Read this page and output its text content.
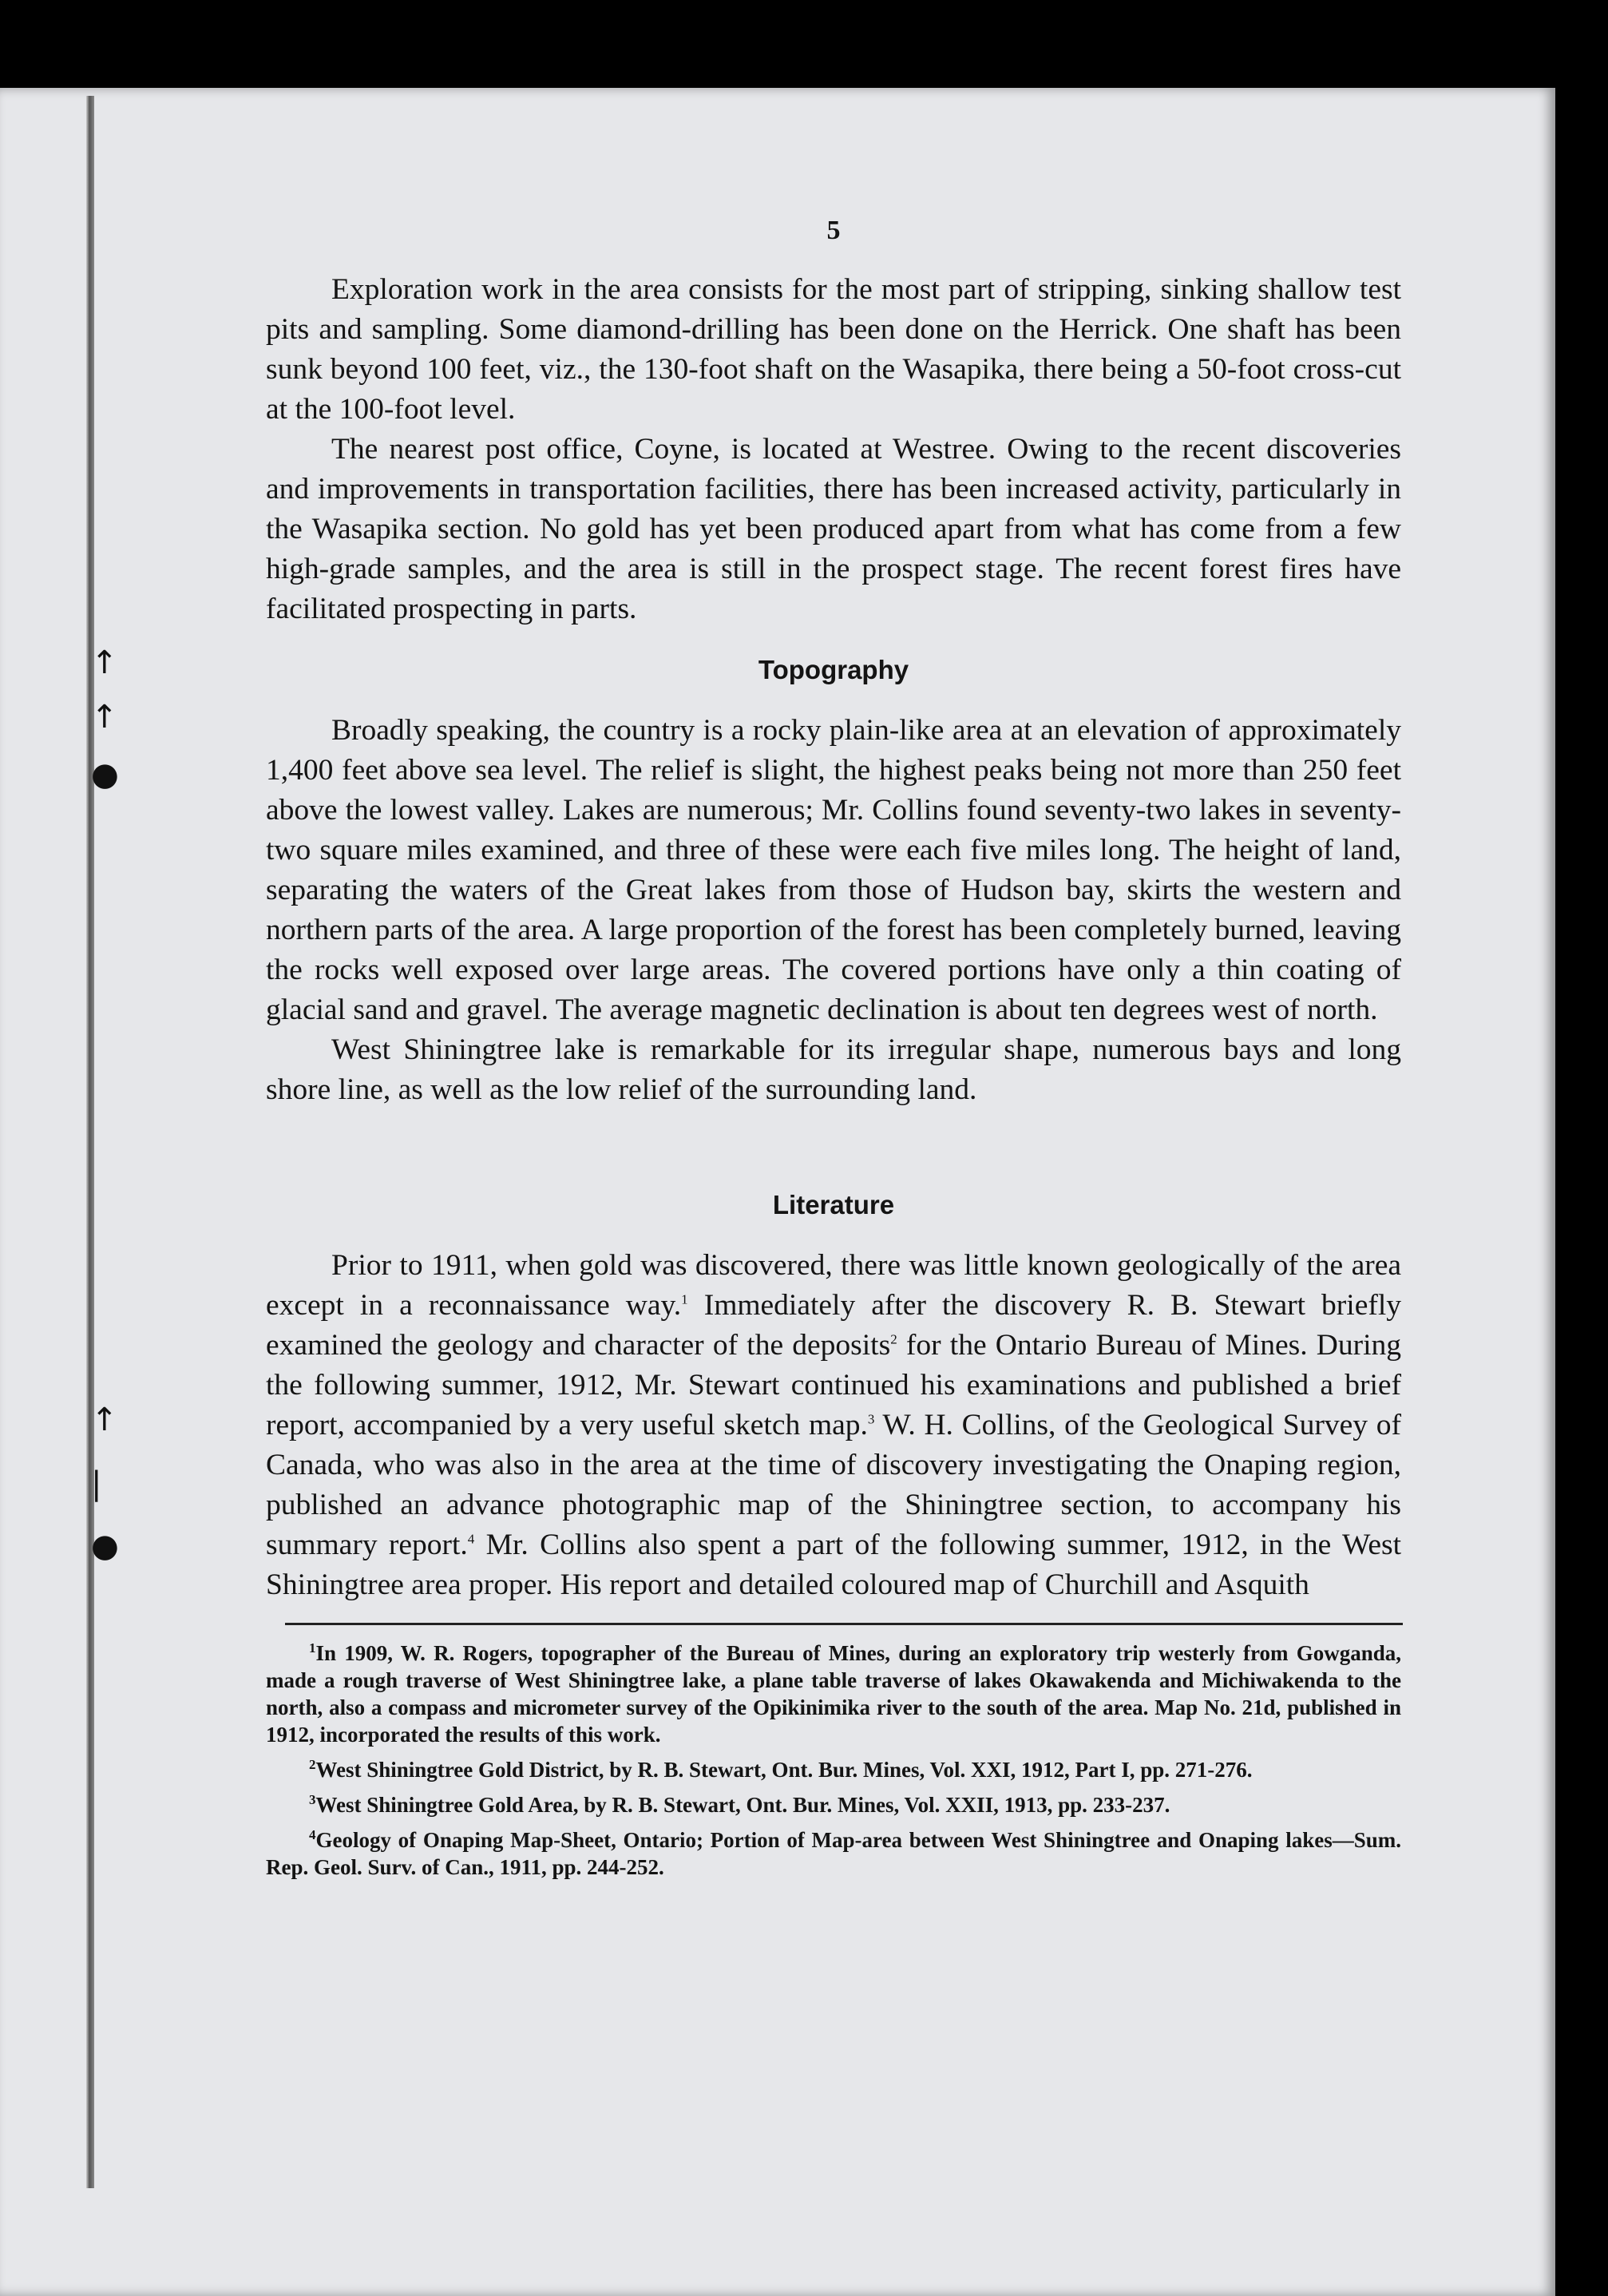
↑
↑
●
↑
|
●
5

Exploration work in the area consists for the most part of stripping, sinking shallow test pits and sampling. Some diamond-drilling has been done on the Herrick. One shaft has been sunk beyond 100 feet, viz., the 130-foot shaft on the Wasapika, there being a 50-foot cross-cut at the 100-foot level.

The nearest post office, Coyne, is located at Westree. Owing to the recent discoveries and improvements in transportation facilities, there has been increased activity, particularly in the Wasapika section. No gold has yet been produced apart from what has come from a few high-grade samples, and the area is still in the prospect stage. The recent forest fires have facilitated prospecting in parts.

Topography

Broadly speaking, the country is a rocky plain-like area at an elevation of approximately 1,400 feet above sea level. The relief is slight, the highest peaks being not more than 250 feet above the lowest valley. Lakes are numerous; Mr. Collins found seventy-two lakes in seventy-two square miles examined, and three of these were each five miles long. The height of land, separating the waters of the Great lakes from those of Hudson bay, skirts the western and northern parts of the area. A large proportion of the forest has been completely burned, leaving the rocks well exposed over large areas. The covered portions have only a thin coating of glacial sand and gravel. The average magnetic declination is about ten degrees west of north.

West Shiningtree lake is remarkable for its irregular shape, numerous bays and long shore line, as well as the low relief of the surrounding land.

Literature

Prior to 1911, when gold was discovered, there was little known geologically of the area except in a reconnaissance way.$^1$ Immediately after the discovery R. B. Stewart briefly examined the geology and character of the deposits$^2$ for the Ontario Bureau of Mines. During the following summer, 1912, Mr. Stewart continued his examinations and published a brief report, accompanied by a very useful sketch map.$^3$ W. H. Collins, of the Geological Survey of Canada, who was also in the area at the time of discovery investigating the Onaping region, published an advance photographic map of the Shiningtree section, to accompany his summary report.$^4$ Mr. Collins also spent a part of the following summer, 1912, in the West Shiningtree area proper. His report and detailed coloured map of Churchill and Asquith

$^1$In 1909, W. R. Rogers, topographer of the Bureau of Mines, during an exploratory trip westerly from Gowganda, made a rough traverse of West Shiningtree lake, a plane table traverse of lakes Okawakenda and Michiwakenda to the north, also a compass and micrometer survey of the Opikinimika river to the south of the area. Map No. 21d, published in 1912, incorporated the results of this work.

$^2$West Shiningtree Gold District, by R. B. Stewart, Ont. Bur. Mines, Vol. XXI, 1912, Part I, pp. 271-276.

$^3$West Shiningtree Gold Area, by R. B. Stewart, Ont. Bur. Mines, Vol. XXII, 1913, pp. 233-237.

$^4$Geology of Onaping Map-Sheet, Ontario; Portion of Map-area between West Shiningtree and Onaping lakes—Sum. Rep. Geol. Surv. of Can., 1911, pp. 244-252.
